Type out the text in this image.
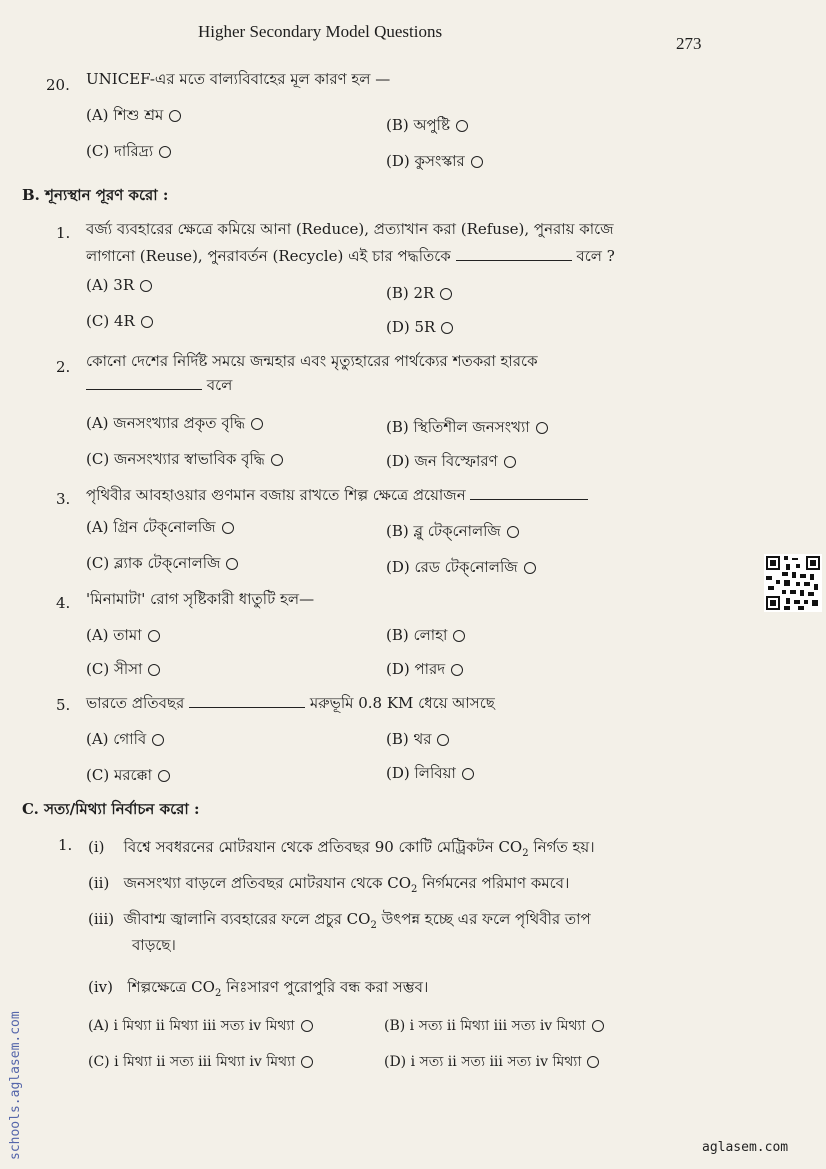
Higher Secondary Model Questions
273
20. UNICEF-এর মতে বাল্যবিবাহের মূল কারণ হল —
(A) শিশু শ্রম
(B) অপুষ্টি
(C) দারিদ্র্য
(D) কুসংস্কার
B. শূন্যস্থান পূরণ করো :
1. বর্জ্য ব্যবহারের ক্ষেত্রে কমিয়ে আনা (Reduce), প্রত্যাখান করা (Refuse), পুনরায় কাজে
লাগানো (Reuse), পুনরাবর্তন (Recycle) এই চার পদ্ধতিকে	বলে ?
(A) 3R	(B) 2R
(C) 4R	(D) 5R
2. কোনো দেশের নির্দিষ্ট সময়ে জন্মহার এবং মৃত্যুহারের পার্থক্যের শতকরা হারকে
বলে
(A) জনসংখ্যার প্রকৃত বৃদ্ধি	(B) স্থিতিশীল জনসংখ্যা
(C) জনসংখ্যার স্বাভাবিক বৃদ্ধি	(D) জন বিস্ফোরণ
3. পৃথিবীর আবহাওয়ার গুণমান বজায় রাখতে শিল্প ক্ষেত্রে প্রয়োজন
(A) গ্রিন টেক্‌নোলজি	(B) ব্লু টেক্‌নোলজি
(C) ব্ল্যাক টেক্‌নোলজি	(D) রেড টেক্‌নোলজি
4. 'মিনামাটা' রোগ সৃষ্টিকারী ধাতুটি হল—
(A) তামা	(B) লোহা
(C) সীসা	(D) পারদ
5. ভারতে প্রতিবছর	মরুভূমি 0.8 KM ধেয়ে আসছে
(A) গোবি	(B) থর
(C) মরক্কো	(D) লিবিয়া
C. সত্য/মিথ্যা নির্বাচন করো :
1. (i) বিশ্বে সবধরনের মোটরযান থেকে প্রতিবছর 90 কোটি মেট্রিকটন $CO_2$ নির্গত হয়।
(ii) জনসংখ্যা বাড়লে প্রতিবছর মোটরযান থেকে $CO_2$ নির্গমনের পরিমাণ কমবে।
(iii) জীবাশ্ম জ্বালানি ব্যবহারের ফলে প্রচুর $CO_2$ উৎপন্ন হচ্ছে এর ফলে পৃথিবীর তাপ
বাড়ছে।
(iv) শিল্পক্ষেত্রে $CO_2$ নিঃসারণ পুরোপুরি বন্ধ করা সম্ভব।
(A) i মিথ্যা ii মিথ্যা iii সত্য iv মিথ্যা	(B) i সত্য ii মিথ্যা iii সত্য iv মিথ্যা
(C) i মিথ্যা ii সত্য iii মিথ্যা iv মিথ্যা	(D) i সত্য ii সত্য iii সত্য iv মিথ্যা
schools.aglasem.com	aglasem.com
